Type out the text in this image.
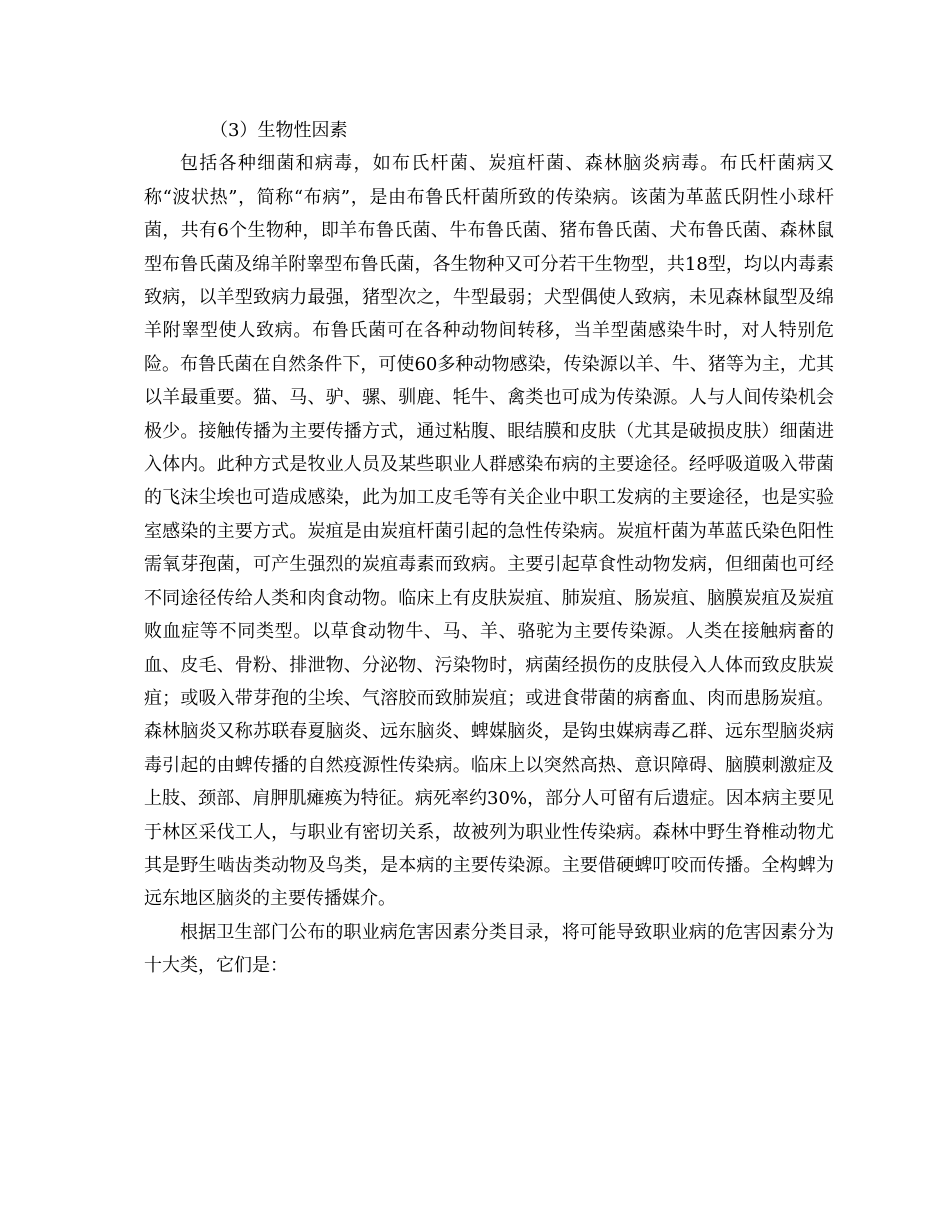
（3）生物性因素

包括各种细菌和病毒，如布氏杆菌、炭疽杆菌、森林脑炎病毒。布氏杆菌病又称“波状热”，简称“布病”，是由布鲁氏杆菌所致的传染病。该菌为革蓝氏阴性小球杆菌，共有6个生物种，即羊布鲁氏菌、牛布鲁氏菌、猪布鲁氏菌、犬布鲁氏菌、森林鼠型布鲁氏菌及绵羊附睾型布鲁氏菌，各生物种又可分若干生物型，共18型，均以内毒素致病，以羊型致病力最强，猪型次之，牛型最弱；犬型偶使人致病，未见森林鼠型及绵羊附睾型使人致病。布鲁氏菌可在各种动物间转移，当羊型菌感染牛时，对人特别危险。布鲁氏菌在自然条件下，可使60多种动物感染，传染源以羊、牛、猪等为主，尤其以羊最重要。猫、马、驴、骡、驯鹿、牦牛、禽类也可成为传染源。人与人间传染机会极少。接触传播为主要传播方式，通过粘腹、眼结膜和皮肤（尤其是破损皮肤）细菌进入体内。此种方式是牧业人员及某些职业人群感染布病的主要途径。经呼吸道吸入带菌的飞沫尘埃也可造成感染，此为加工皮毛等有关企业中职工发病的主要途径，也是实验室感染的主要方式。炭疽是由炭疽杆菌引起的急性传染病。炭疽杆菌为革蓝氏染色阳性需氧芽孢菌，可产生强烈的炭疽毒素而致病。主要引起草食性动物发病，但细菌也可经不同途径传给人类和肉食动物。临床上有皮肤炭疽、肺炭疽、肠炭疽、脑膜炭疽及炭疽败血症等不同类型。以草食动物牛、马、羊、骆驼为主要传染源。人类在接触病畜的血、皮毛、骨粉、排泄物、分泌物、污染物时，病菌经损伤的皮肤侵入人体而致皮肤炭疽；或吸入带芽孢的尘埃、气溶胶而致肺炭疽；或进食带菌的病畜血、肉而患肠炭疽。森林脑炎又称苏联春夏脑炎、远东脑炎、蜱媒脑炎，是钩虫媒病毒乙群、远东型脑炎病毒引起的由蜱传播的自然疫源性传染病。临床上以突然高热、意识障碍、脑膜刺激症及上肢、颈部、肩胛肌瘫痪为特征。病死率约30%，部分人可留有后遗症。因本病主要见于林区采伐工人，与职业有密切关系，故被列为职业性传染病。森林中野生脊椎动物尤其是野生啮齿类动物及鸟类，是本病的主要传染源。主要借硬蜱叮咬而传播。全构蜱为远东地区脑炎的主要传播媒介。

根据卫生部门公布的职业病危害因素分类目录，将可能导致职业病的危害因素分为十大类，它们是：
